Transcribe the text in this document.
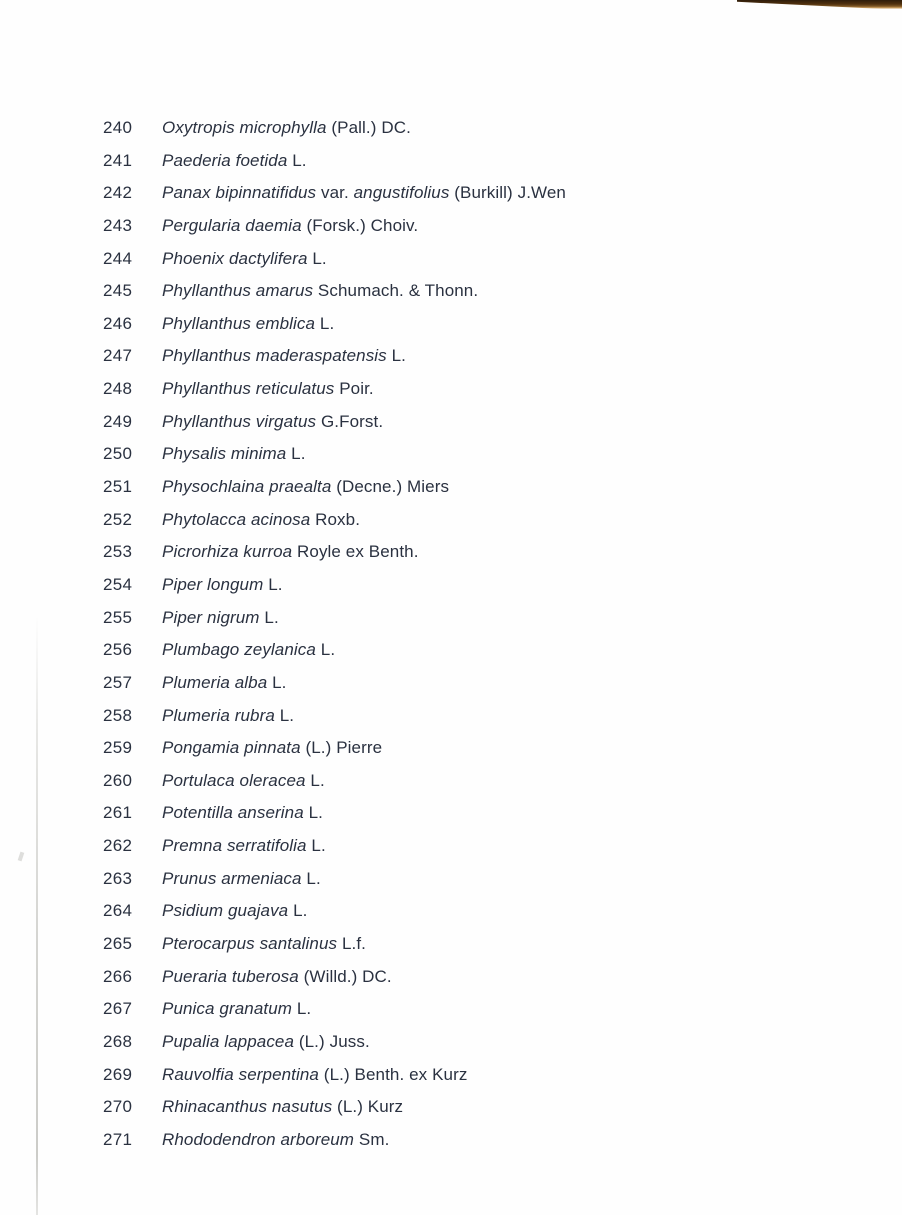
240	Oxytropis microphylla (Pall.) DC.
241	Paederia foetida L.
242	Panax bipinnatifidus var. angustifolius (Burkill) J.Wen
243	Pergularia daemia (Forsk.) Choiv.
244	Phoenix dactylifera L.
245	Phyllanthus amarus Schumach. & Thonn.
246	Phyllanthus emblica L.
247	Phyllanthus maderaspatensis L.
248	Phyllanthus reticulatus Poir.
249	Phyllanthus virgatus G.Forst.
250	Physalis minima L.
251	Physochlaina praealta (Decne.) Miers
252	Phytolacca acinosa Roxb.
253	Picrorhiza kurroa Royle ex Benth.
254	Piper longum L.
255	Piper nigrum L.
256	Plumbago zeylanica L.
257	Plumeria alba L.
258	Plumeria rubra L.
259	Pongamia pinnata (L.) Pierre
260	Portulaca oleracea L.
261	Potentilla anserina L.
262	Premna serratifolia L.
263	Prunus armeniaca L.
264	Psidium guajava L.
265	Pterocarpus santalinus L.f.
266	Pueraria tuberosa (Willd.) DC.
267	Punica granatum L.
268	Pupalia lappacea (L.) Juss.
269	Rauvolfia serpentina (L.) Benth. ex Kurz
270	Rhinacanthus nasutus (L.) Kurz
271	Rhododendron arboreum Sm.
